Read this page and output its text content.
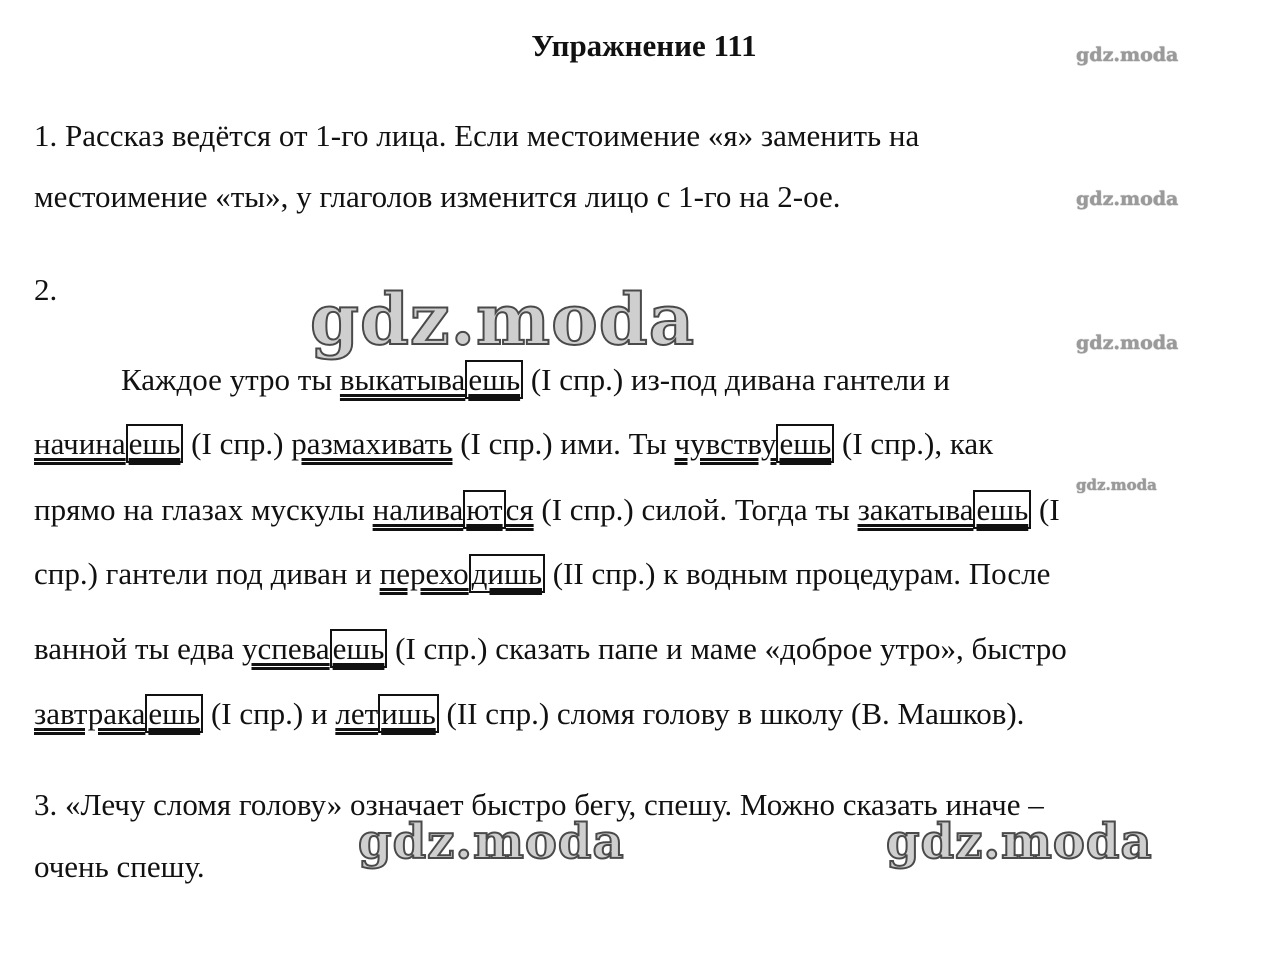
Упражнение 111	gdz.moda
gdz.moda
gdz.moda
gdz.moda
gdz.moda
gdz.moda	gdz.moda
1. Рассказ ведётся от 1-го лица. Если местоимение «я» заменить на
местоимение «ты», у глаголов изменится лицо с 1-го на 2-ое.
2.
Каждое утро ты выкатываешь (I спр.) из-под дивана гантели и
начинаешь (I спр.) размахивать (I спр.) ими. Ты чувствуешь (I спр.), как
прямо на глазах мускулы наливаются (I спр.) силой. Тогда ты закатываешь (I
спр.) гантели под диван и переходишь (II спр.) к водным процедурам. После
ванной ты едва успеваешь (I спр.) сказать папе и маме «доброе утро», быстро
завтракаешь (I спр.) и летишь (II спр.) сломя голову в школу (В. Машков).
3. «Лечу сломя голову» означает быстро бегу, спешу. Можно сказать иначе –
очень спешу.
